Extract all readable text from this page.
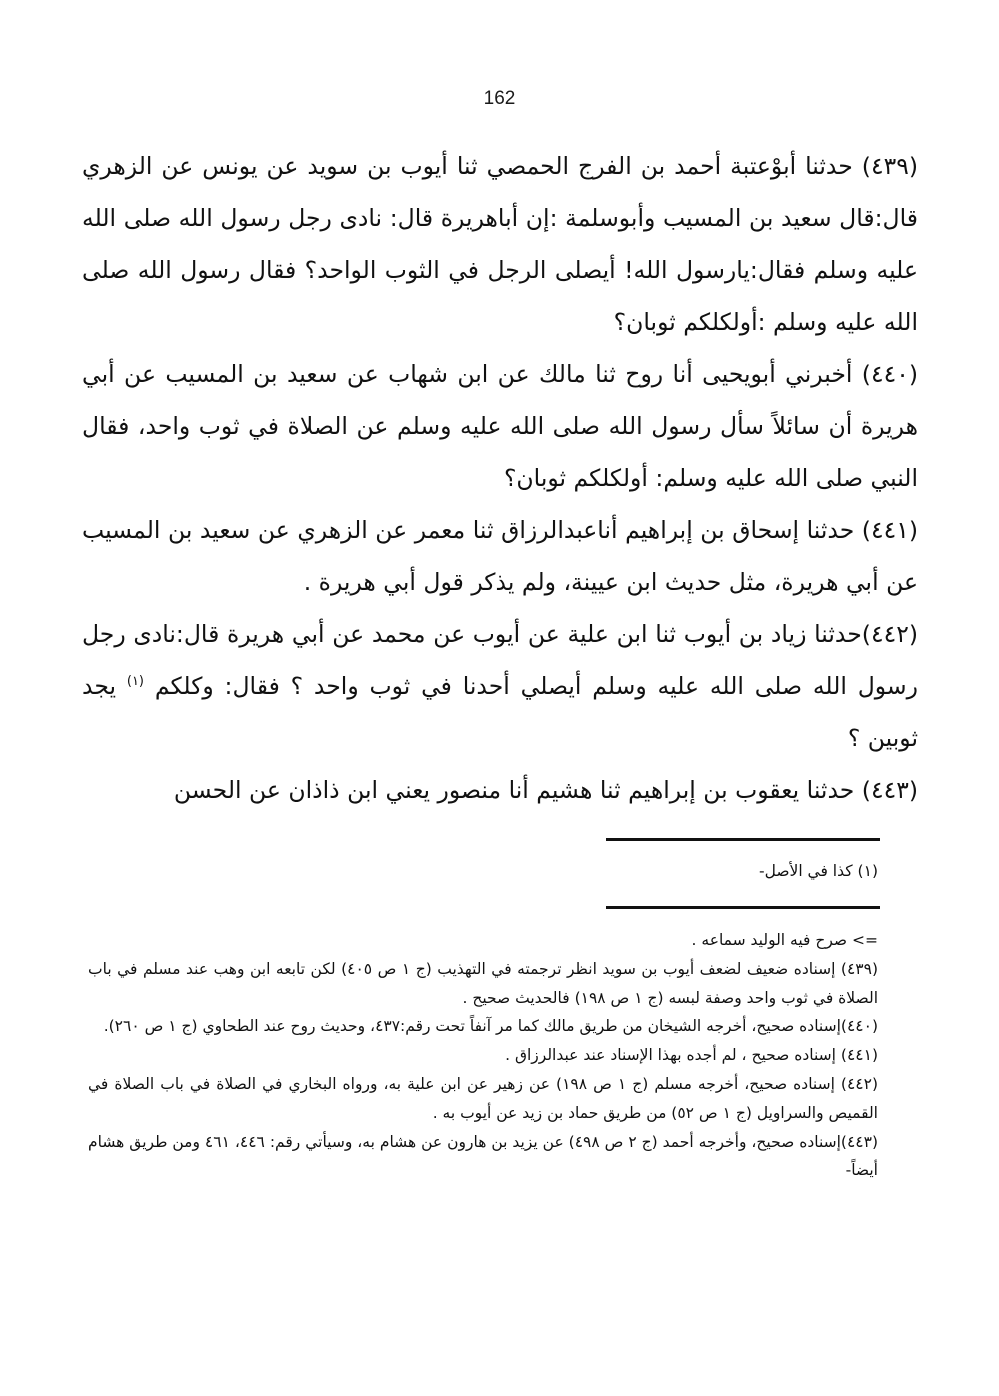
162

(٤٣٩) حدثنا أبوْعتبة أحمد بن الفرج الحمصي ثنا أيوب بن سويد عن يونس عن الزهري قال:قال سعيد بن المسيب وأبوسلمة :إن أباهريرة قال: نادى رجل رسول الله صلى الله عليه وسلم فقال:يارسول الله! أيصلى الرجل في الثوب الواحد؟ فقال رسول الله صلى الله عليه وسلم :أولكلكم ثوبان؟

(٤٤٠) أخبرني أبويحيى أنا روح ثنا مالك عن ابن شهاب عن سعيد بن المسيب عن أبي هريرة أن سائلاً سأل رسول الله صلى الله عليه وسلم عن الصلاة في ثوب واحد، فقال النبي صلى الله عليه وسلم: أولكلكم ثوبان؟

(٤٤١) حدثنا إسحاق بن إبراهيم أناعبدالرزاق ثنا معمر عن الزهري عن سعيد بن المسيب عن أبي هريرة، مثل حديث ابن عيينة، ولم يذكر قول أبي هريرة .

(٤٤٢)حدثنا زياد بن أيوب ثنا ابن علية عن أيوب عن محمد عن أبي هريرة قال:نادى رجل رسول الله صلى الله عليه وسلم أيصلي أحدنا في ثوب واحد ؟ فقال: وكلكم $^{(١)}$ يجد ثوبين ؟

(٤٤٣) حدثنا يعقوب بن إبراهيم ثنا هشيم أنا منصور يعني ابن ذاذان عن الحسن

(١) كذا في الأصل-

=> صرح فيه الوليد سماعه .

(٤٣٩) إسناده ضعيف لضعف أيوب بن سويد انظر ترجمته في التهذيب (ج ١ ص ٤٠٥) لكن تابعه ابن وهب عند مسلم في باب الصلاة في ثوب واحد وصفة لبسه (ج ١ ص ١٩٨) فالحديث صحيح .

(٤٤٠)إسناده صحيح، أخرجه الشيخان من طريق مالك كما مر آنفاً تحت رقم:٤٣٧، وحديث روح عند الطحاوي (ج ١ ص ٢٦٠).

(٤٤١) إسناده صحيح ، لم أجده بهذا الإسناد عند عبدالرزاق .

(٤٤٢) إسناده صحيح، أخرجه مسلم (ج ١ ص ١٩٨) عن زهير عن ابن علية به، ورواه البخاري في الصلاة في باب الصلاة في القميص والسراويل (ج ١ ص ٥٢) من طريق حماد بن زيد عن أيوب به .

(٤٤٣)إسناده صحيح، وأخرجه أحمد (ج ٢ ص ٤٩٨) عن يزيد بن هارون عن هشام به، وسيأتي رقم: ٤٤٦، ٤٦١ ومن طريق هشام أيضاً-
